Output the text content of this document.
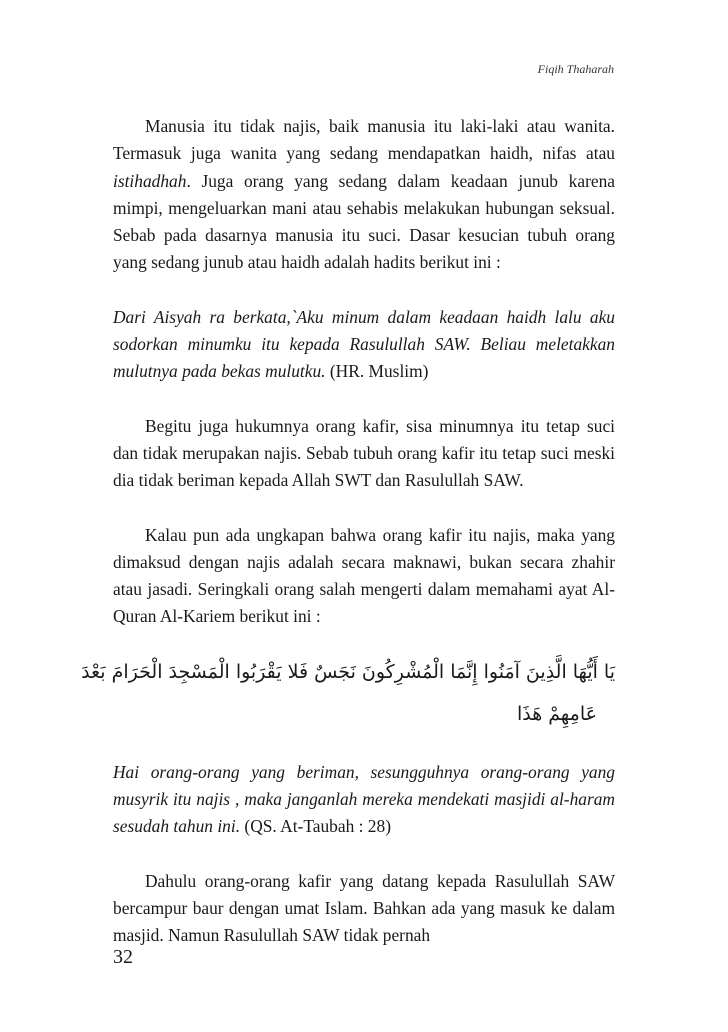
Fiqih Thaharah

Manusia itu tidak najis, baik manusia itu laki-laki atau wanita. Termasuk juga wanita yang sedang mendapatkan haidh, nifas atau istihadhah. Juga orang yang sedang dalam keadaan junub karena mimpi, mengeluarkan mani atau sehabis melakukan hubungan seksual. Sebab pada dasarnya manusia itu suci. Dasar kesucian tubuh orang yang sedang junub atau haidh adalah hadits berikut ini :

Dari Aisyah ra berkata,`Aku minum dalam keadaan haidh lalu aku sodorkan minumku itu kepada Rasulullah SAW. Beliau meletakkan mulutnya pada bekas mulutku. (HR. Muslim)

Begitu juga hukumnya orang kafir, sisa minumnya itu tetap suci dan tidak merupakan najis. Sebab tubuh orang kafir itu tetap suci meski dia tidak beriman kepada Allah SWT dan Rasulullah SAW.

Kalau pun ada ungkapan bahwa orang kafir itu najis, maka yang dimaksud dengan najis adalah secara maknawi, bukan secara zhahir atau jasadi. Seringkali orang salah mengerti dalam memahami ayat Al-Quran Al-Kariem berikut ini :

يَا أَيُّهَا الَّذِينَ آمَنُوا إِنَّمَا الْمُشْرِكُونَ نَجَسٌ فَلا يَقْرَبُوا الْمَسْجِدَ الْحَرَامَ بَعْدَ
عَامِهِمْ هَذَا

Hai orang-orang yang beriman, sesungguhnya orang-orang yang musyrik itu najis , maka janganlah mereka mendekati masjidi al-haram sesudah tahun ini. (QS. At-Taubah : 28)

Dahulu orang-orang kafir yang datang kepada Rasulullah SAW bercampur baur dengan umat Islam. Bahkan ada yang masuk ke dalam masjid. Namun Rasulullah SAW tidak pernah

32
